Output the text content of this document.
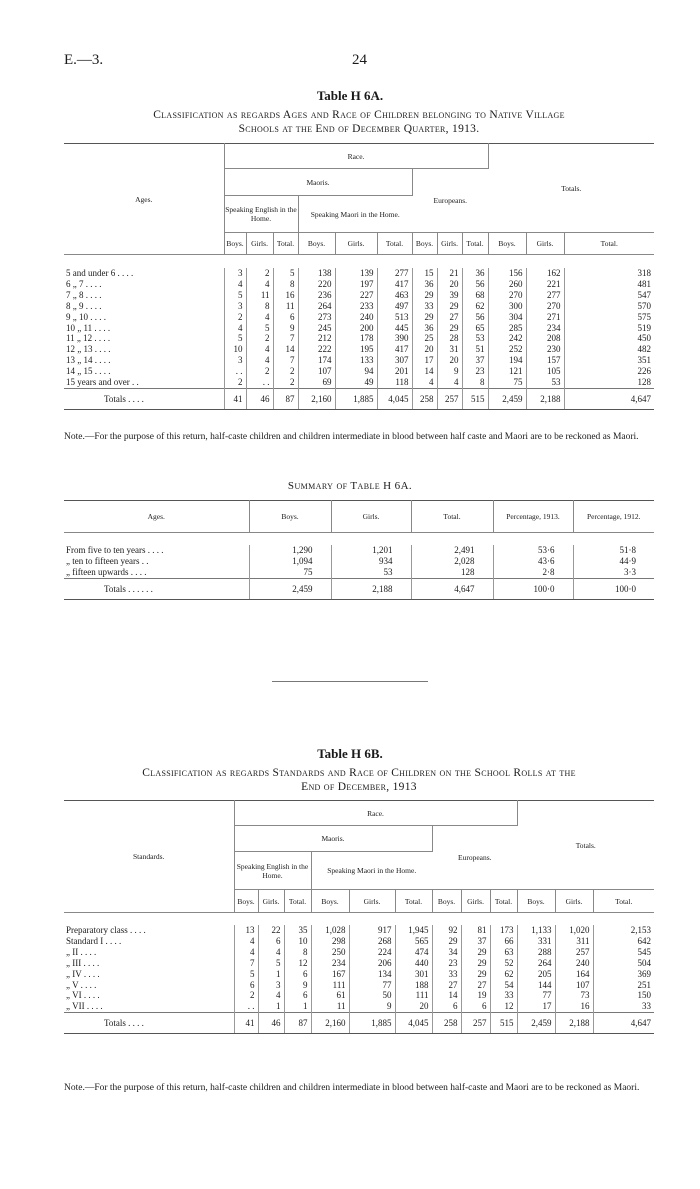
E.—3.	24
Table H 6A.
Classification as regards Ages and Race of Children belonging to Native Village
Schools at the End of December Quarter, 1913.
Ages.	Race.									Totals.		
	Maoris.						Europeans.					
	Speaking English in the Home.			Speaking Maori in the Home.								
	Boys.	Girls.	Total.	Boys.	Girls.	Total.	Boys.	Girls.	Total.	Boys.	Girls.	Total.
5 and under 6 . . . .	3	2	5	138	139	277	15	21	36	156	162	318
6 „ 7 . . . .	4	4	8	220	197	417	36	20	56	260	221	481
7 „ 8 . . . .	5	11	16	236	227	463	29	39	68	270	277	547
8 „ 9 . . . .	3	8	11	264	233	497	33	29	62	300	270	570
9 „ 10 . . . .	2	4	6	273	240	513	29	27	56	304	271	575
10 „ 11 . . . .	4	5	9	245	200	445	36	29	65	285	234	519
11 „ 12 . . . .	5	2	7	212	178	390	25	28	53	242	208	450
12 „ 13 . . . .	10	4	14	222	195	417	20	31	51	252	230	482
13 „ 14 . . . .	3	4	7	174	133	307	17	20	37	194	157	351
14 „ 15 . . . .	. .	2	2	107	94	201	14	9	23	121	105	226
15 years and over . .	2	. .	2	69	49	118	4	4	8	75	53	128
Totals . . . .	41	46	87	2,160	1,885	4,045	258	257	515	2,459	2,188	4,647
Note.—For the purpose of this return, half-caste children and children intermediate in blood between half caste and Maori are to be reckoned as Maori.
Summary of Table H 6A.
Ages.	Boys.	Girls.	Total.	Percentage, 1913.	Percentage, 1912.
From five to ten years . . . .	1,290	1,201	2,491	53·6	51·8
„ ten to fifteen years . .	1,094	934	2,028	43·6	44·9
„ fifteen upwards . . . .	75	53	128	2·8	3·3
Totals . . . . . .	2,459	2,188	4,647	100·0	100·0
Table H 6B.
Classification as regards Standards and Race of Children on the School Rolls at the
End of December, 1913
Standards.	Race.									Totals.		
	Maoris.						Europeans.					
	Speaking English in the Home.			Speaking Maori in the Home.								
	Boys.	Girls.	Total.	Boys.	Girls.	Total.	Boys.	Girls.	Total.	Boys.	Girls.	Total.
Preparatory class . . . .	13	22	35	1,028	917	1,945	92	81	173	1,133	1,020	2,153
Standard I . . . .	4	6	10	298	268	565	29	37	66	331	311	642
„ II . . . .	4	4	8	250	224	474	34	29	63	288	257	545
„ III . . . .	7	5	12	234	206	440	23	29	52	264	240	504
„ IV . . . .	5	1	6	167	134	301	33	29	62	205	164	369
„ V . . . .	6	3	9	111	77	188	27	27	54	144	107	251
„ VI . . . .	2	4	6	61	50	111	14	19	33	77	73	150
„ VII . . . .	. .	1	1	11	9	20	6	6	12	17	16	33
Totals . . . .	41	46	87	2,160	1,885	4,045	258	257	515	2,459	2,188	4,647
Note.—For the purpose of this return, half-caste children and children intermediate in blood between half-caste and Maori are to be reckoned as Maori.
